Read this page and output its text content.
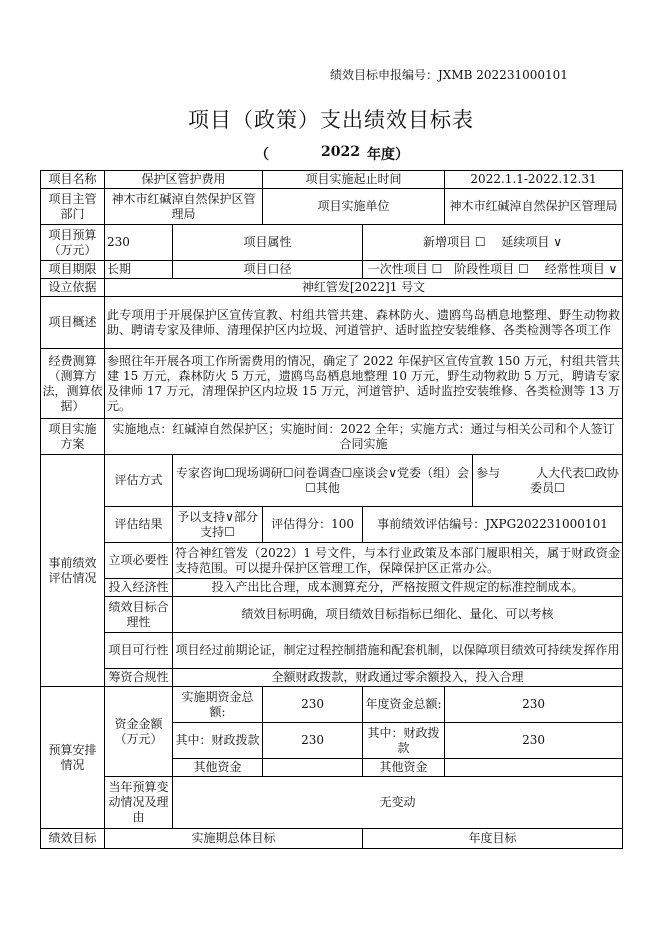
绩效目标申报编号：JXMB 202231000101
项目（政策）支出绩效目标表
（	2022 年度）
项目名称	保护区管护费用		项目实施起止时间		2022.1.1-2022.12.31	
项目主管部门	神木市红碱淖自然保护区管理局		项目实施单位		神木市红碱淖自然保护区管理局	
项目预算（万元）	230	项目属性		新增项目 ☐　 延续项目 ∨		
项目期限	长期	项目口径		一次性项目 ☐　阶段性项目 ☐　 经常性项目 ∨		
设立依据	神红管发[2022]1 号文					
项目概述	此专项用于开展保护区宣传宣教、村组共管共建、森林防火、遗鸥鸟岛栖息地整理、野生动物救助、聘请专家及律师、清理保护区内垃圾、河道管护、适时监控安装维修、各类检测等各项工作					
经费测算（测算方法，测算依据）	参照往年开展各项工作所需费用的情况，确定了 2022 年保护区宣传宣教 150 万元，村组共管共建 15 万元，森林防火 5 万元，遗鸥鸟岛栖息地整理 10 万元，野生动物救助 5 万元，聘请专家及律师 17 万元，清理保护区内垃圾 15 万元，河道管护、适时监控安装维修、各类检测等 13 万元。					
项目实施方案	实施地点：红碱淖自然保护区；实施时间：2022 全年；实施方式：通过与相关公司和个人签订合同实施					
事前绩效评估情况	评估方式	专家咨询☐现场调研☐问卷调查☐座谈会∨党委（组）会☐其他				参与　　　人大代表☐政协委员☐
	评估结果	予以支持∨部分支持☐	评估得分：100	事前绩效评估编号：JXPG202231000101		
	立项必要性	符合神红管发（2022）1 号文件，与本行业政策及本部门履职相关，属于财政资金支持范围。可以提升保护区管理工作，保障保护区正常办公。				
	投入经济性	投入产出比合理，成本测算充分，严格按照文件规定的标准控制成本。				
	绩效目标合理性	绩效目标明确，项目绩效目标指标已细化、量化、可以考核				
	项目可行性	项目经过前期论证，制定过程控制措施和配套机制，以保障项目绩效可持续发挥作用				
	筹资合规性	全额财政拨款，财政通过零余额投入，投入合理				
预算安排情况	资金金额（万元）	实施期资金总额:	230	年度资金总额:	230	
		其中：财政拨款	230	其中：财政拨款	230	
		其他资金		其他资金		
	当年预算变动情况及理由	无变动				
绩效目标	实施期总体目标			年度目标		
